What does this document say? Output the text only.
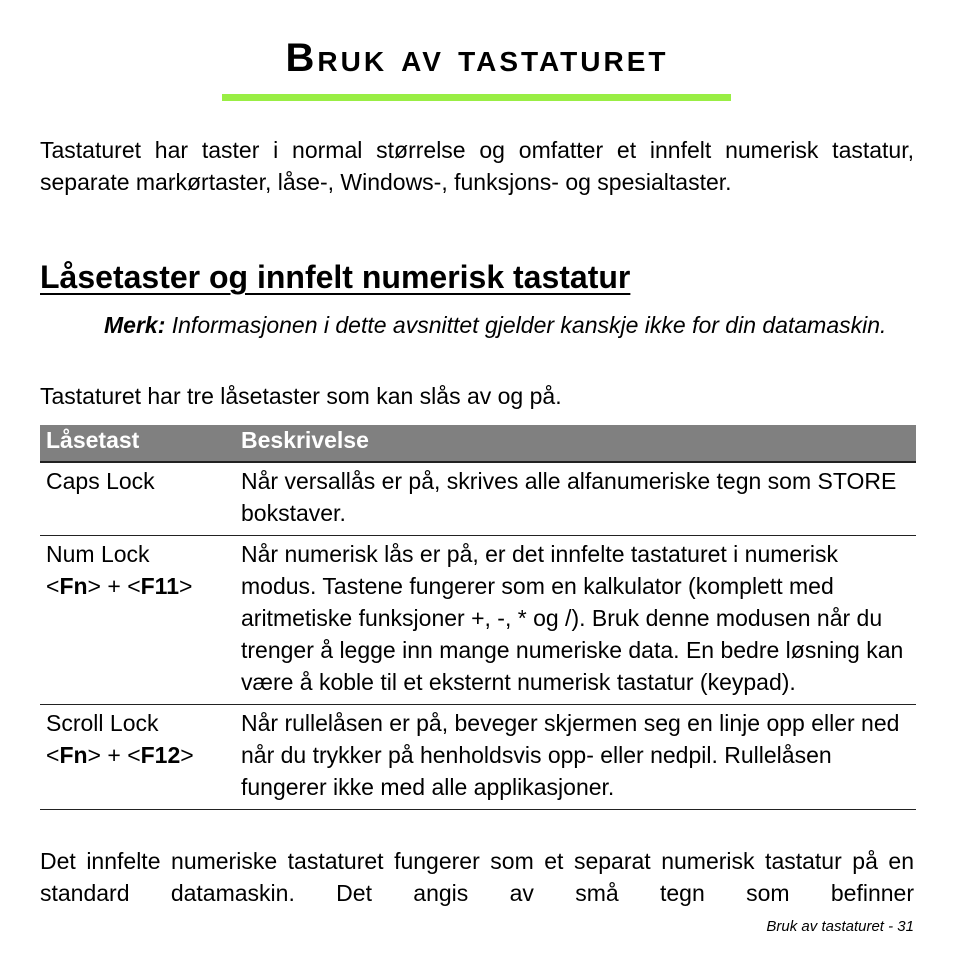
Bruk av tastaturet

Tastaturet har taster i normal størrelse og omfatter et innfelt numerisk tastatur, separate markørtaster, låse-, Windows-, funksjons- og spesialtaster.

Låsetaster og innfelt numerisk tastatur

Merk: Informasjonen i dette avsnittet gjelder kanskje ikke for din datamaskin.

Tastaturet har tre låsetaster som kan slås av og på.

Låsetast	Beskrivelse
Caps Lock	Når versallås er på, skrives alle alfanumeriske tegn som STORE bokstaver.
Num Lock
<Fn> + <F11>	Når numerisk lås er på, er det innfelte tastaturet i numerisk modus. Tastene fungerer som en kalkulator (komplett med aritmetiske funksjoner +, -, * og /). Bruk denne modusen når du trenger å legge inn mange numeriske data. En bedre løsning kan være å koble til et eksternt numerisk tastatur (keypad).
Scroll Lock
<Fn> + <F12>	Når rullelåsen er på, beveger skjermen seg en linje opp eller ned når du trykker på henholdsvis opp- eller nedpil. Rullelåsen fungerer ikke med alle applikasjoner.

Det innfelte numeriske tastaturet fungerer som et separat numerisk tastatur på en standard datamaskin. Det angis av små tegn som befinner

Bruk av tastaturet - 31
